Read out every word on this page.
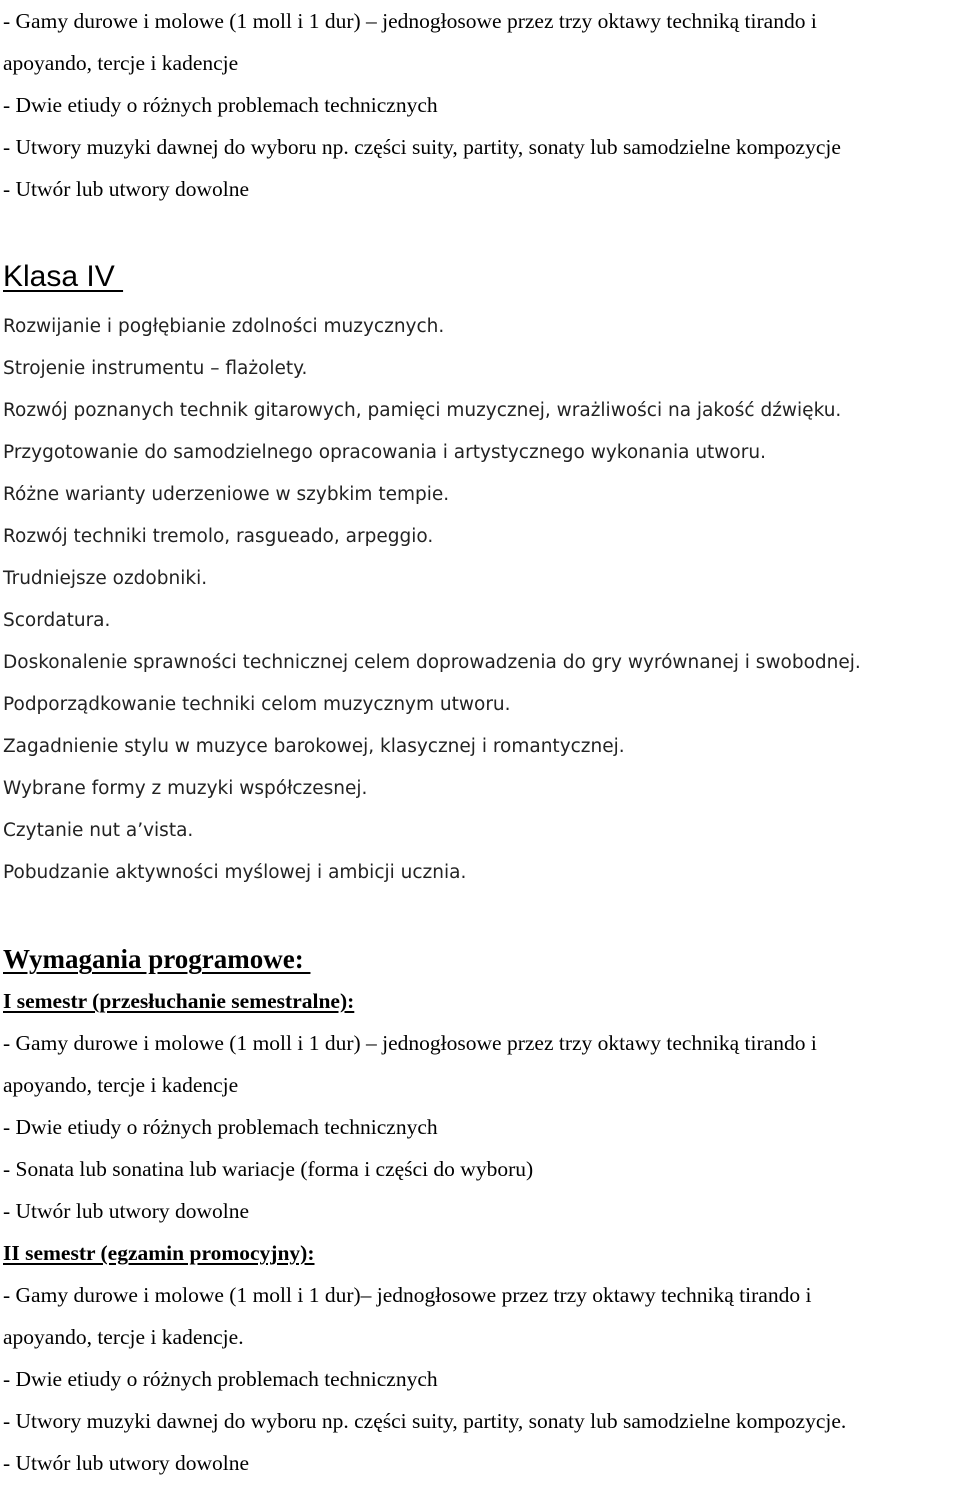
- Gamy durowe i molowe (1 moll i 1 dur) – jednogłosowe przez trzy oktawy techniką tirando i

apoyando, tercje i kadencje

- Dwie etiudy o różnych problemach technicznych

- Utwory muzyki dawnej do wyboru np. części suity, partity, sonaty lub samodzielne kompozycje

- Utwór lub utwory dowolne

Klasa IV

Rozwijanie i pogłębianie zdolności muzycznych.

Strojenie instrumentu – flażolety.

Rozwój poznanych technik gitarowych, pamięci muzycznej, wrażliwości na jakość dźwięku.

Przygotowanie do samodzielnego opracowania i artystycznego wykonania utworu.

Różne warianty uderzeniowe w szybkim tempie.

Rozwój techniki tremolo, rasgueado, arpeggio.

Trudniejsze ozdobniki.

Scordatura.

Doskonalenie sprawności technicznej celem doprowadzenia do gry wyrównanej i swobodnej.

Podporządkowanie techniki celom muzycznym utworu.

Zagadnienie stylu w muzyce barokowej, klasycznej i romantycznej.

Wybrane formy z muzyki współczesnej.

Czytanie nut a’vista.

Pobudzanie aktywności myślowej i ambicji ucznia.

Wymagania programowe:

I semestr (przesłuchanie semestralne):

- Gamy durowe i molowe (1 moll i 1 dur) – jednogłosowe przez trzy oktawy techniką tirando i

apoyando, tercje i kadencje

- Dwie etiudy o różnych problemach technicznych

- Sonata lub sonatina lub wariacje (forma i części do wyboru)

- Utwór lub utwory dowolne

II semestr (egzamin promocyjny):

- Gamy durowe i molowe (1 moll i 1 dur)– jednogłosowe przez trzy oktawy techniką tirando i

apoyando, tercje i kadencje.

- Dwie etiudy o różnych problemach technicznych

- Utwory muzyki dawnej do wyboru np. części suity, partity, sonaty lub samodzielne kompozycje.

- Utwór lub utwory dowolne
